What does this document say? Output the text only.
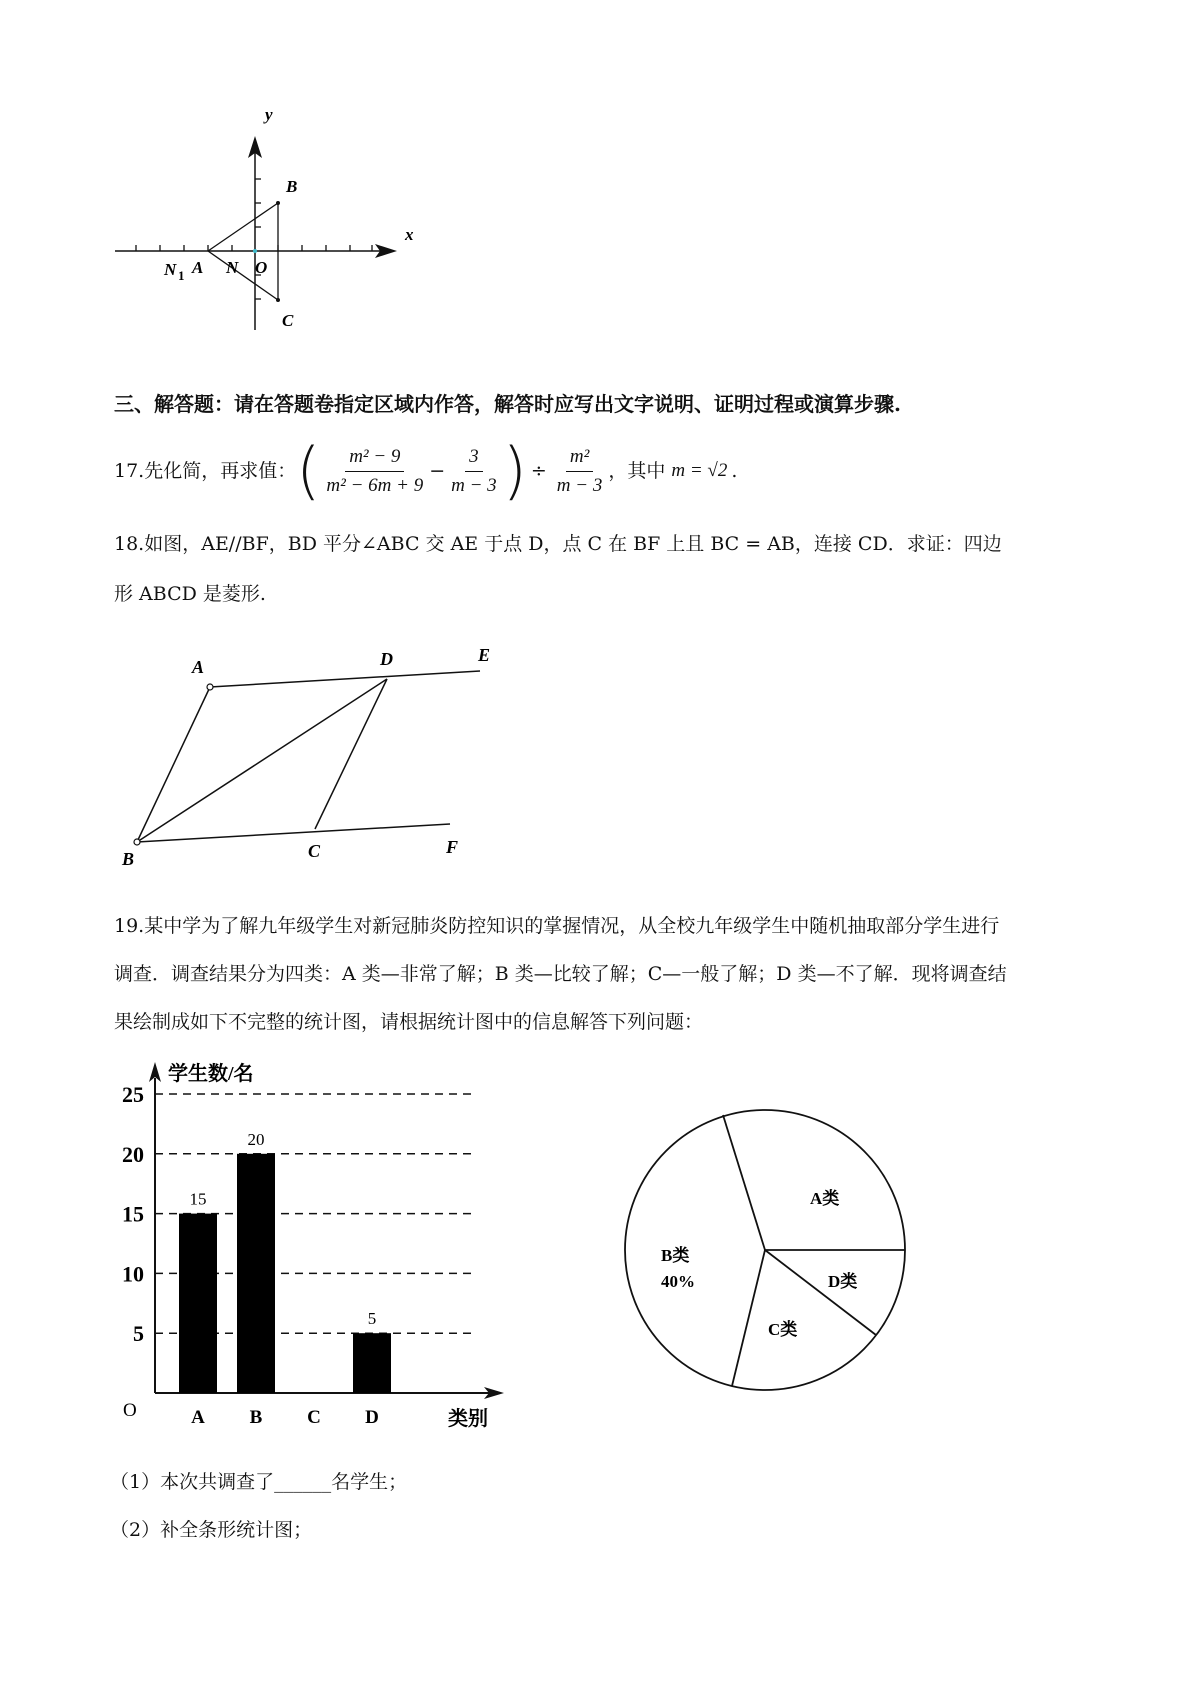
y
x
B
C
N 1 A N O
三、解答题：请在答题卷指定区域内作答，解答时应写出文字说明、证明过程或演算步骤.
17.先化简，再求值： ( $\frac{\text{m² − 9}}{\text{m² − 6m + 9}} - \frac{3}{m - 3}$ ) ÷ $\frac{\text{m²}}{m - 3}$ ，其中 m = √2 .
18.如图，AE//BF，BD 平分∠ABC 交 AE 于点 D，点 C 在 BF 上且 BC = AB，连接 CD．求证：四边
形 ABCD 是菱形.
A	D	E
B	C	F
19.某中学为了解九年级学生对新冠肺炎防控知识的掌握情况，从全校九年级学生中随机抽取部分学生进行
调查．调查结果分为四类：A 类—非常了解；B 类—比较了解；C—一般了解；D 类—不了解．现将调查结
果绘制成如下不完整的统计图，请根据统计图中的信息解答下列问题：
5
10
15
20
25
A B C D
15
20
5
学生数/名
类别
O
A类
D类
C类
B类
40%
（1）本次共调查了______名学生；
（2）补全条形统计图；
